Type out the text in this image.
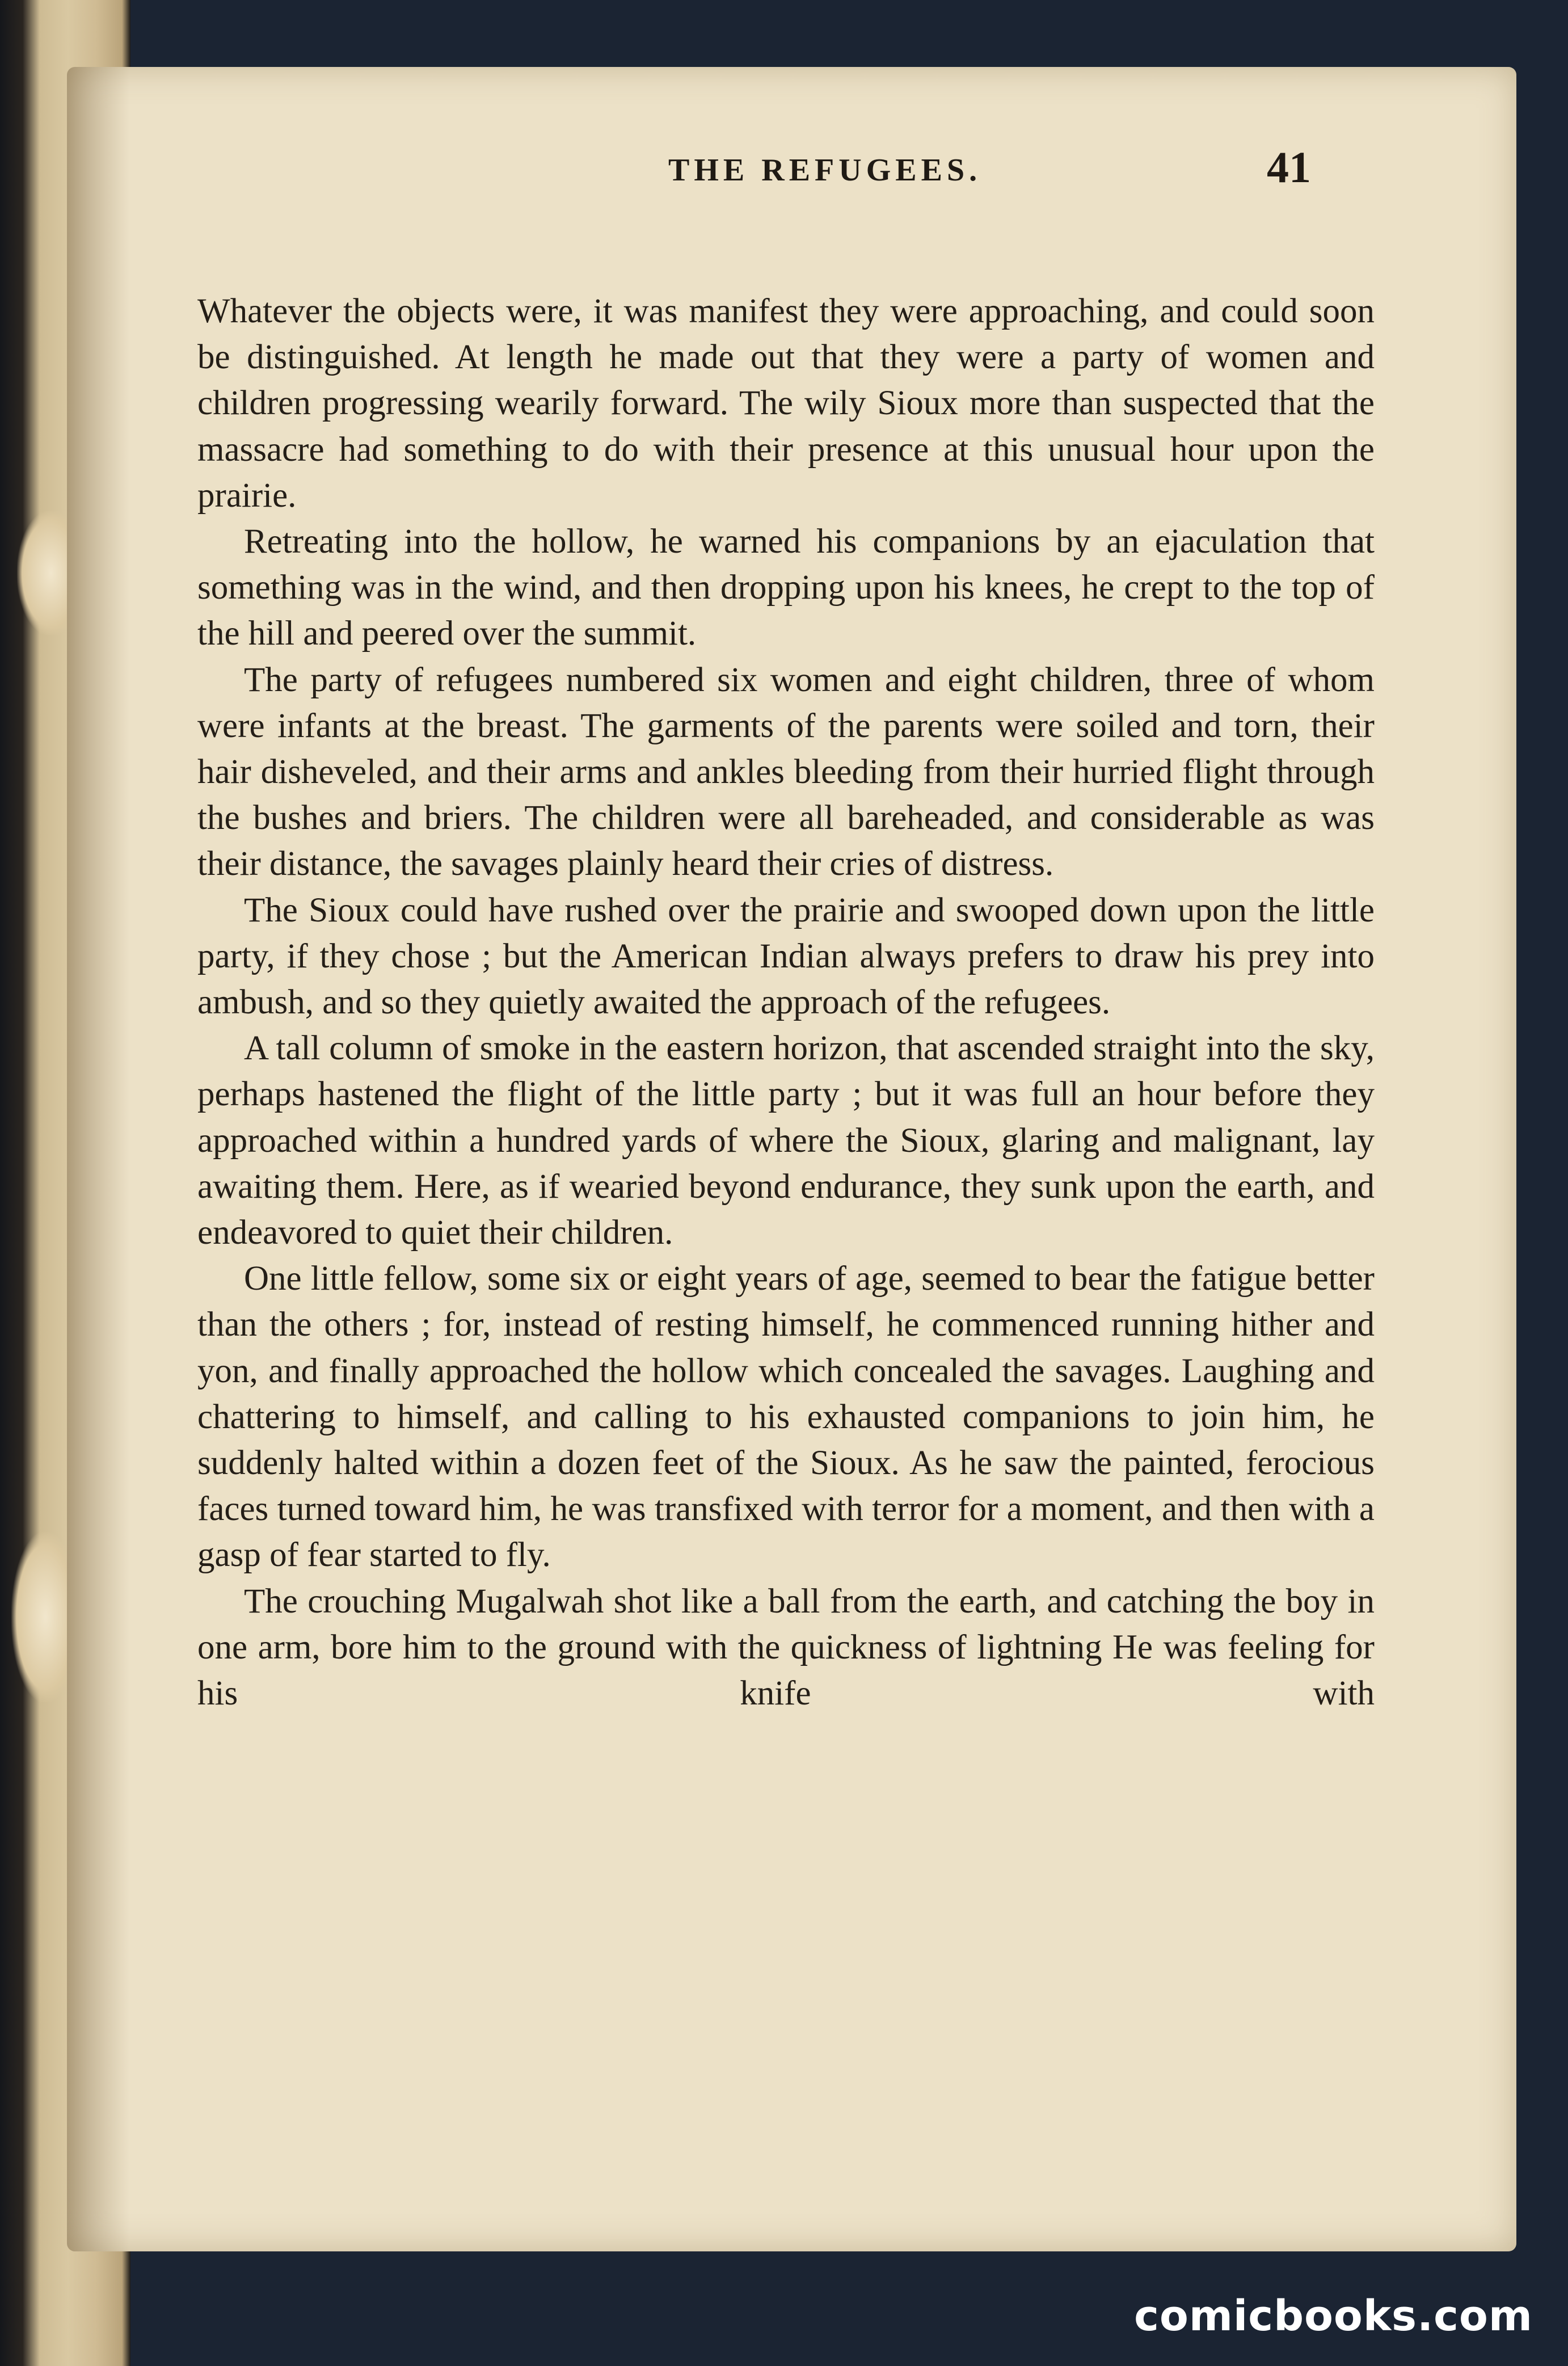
THE REFUGEES.	41

Whatever the objects were, it was manifest they were approaching, and could soon be distinguished. At length he made out that they were a party of women and children progressing wearily forward. The wily Sioux more than suspected that the massacre had something to do with their presence at this unusual hour upon the prairie.

Retreating into the hollow, he warned his companions by an ejaculation that something was in the wind, and then dropping upon his knees, he crept to the top of the hill and peered over the summit.

The party of refugees numbered six women and eight children, three of whom were infants at the breast. The garments of the parents were soiled and torn, their hair disheveled, and their arms and ankles bleeding from their hurried flight through the bushes and briers. The children were all bareheaded, and considerable as was their distance, the savages plainly heard their cries of distress.

The Sioux could have rushed over the prairie and swooped down upon the little party, if they chose ; but the American Indian always prefers to draw his prey into ambush, and so they quietly awaited the approach of the refugees.

A tall column of smoke in the eastern horizon, that ascended straight into the sky, perhaps hastened the flight of the little party ; but it was full an hour before they approached within a hundred yards of where the Sioux, glaring and malignant, lay awaiting them. Here, as if wearied beyond endurance, they sunk upon the earth, and endeavored to quiet their children.

One little fellow, some six or eight years of age, seemed to bear the fatigue better than the others ; for, instead of resting himself, he commenced running hither and yon, and finally approached the hollow which concealed the savages. Laughing and chattering to himself, and calling to his exhausted companions to join him, he suddenly halted within a dozen feet of the Sioux. As he saw the painted, ferocious faces turned toward him, he was transfixed with terror for a moment, and then with a gasp of fear started to fly.

The crouching Mugalwah shot like a ball from the earth, and catching the boy in one arm, bore him to the ground with the quickness of lightning He was feeling for his knife with

comicbooks.com
